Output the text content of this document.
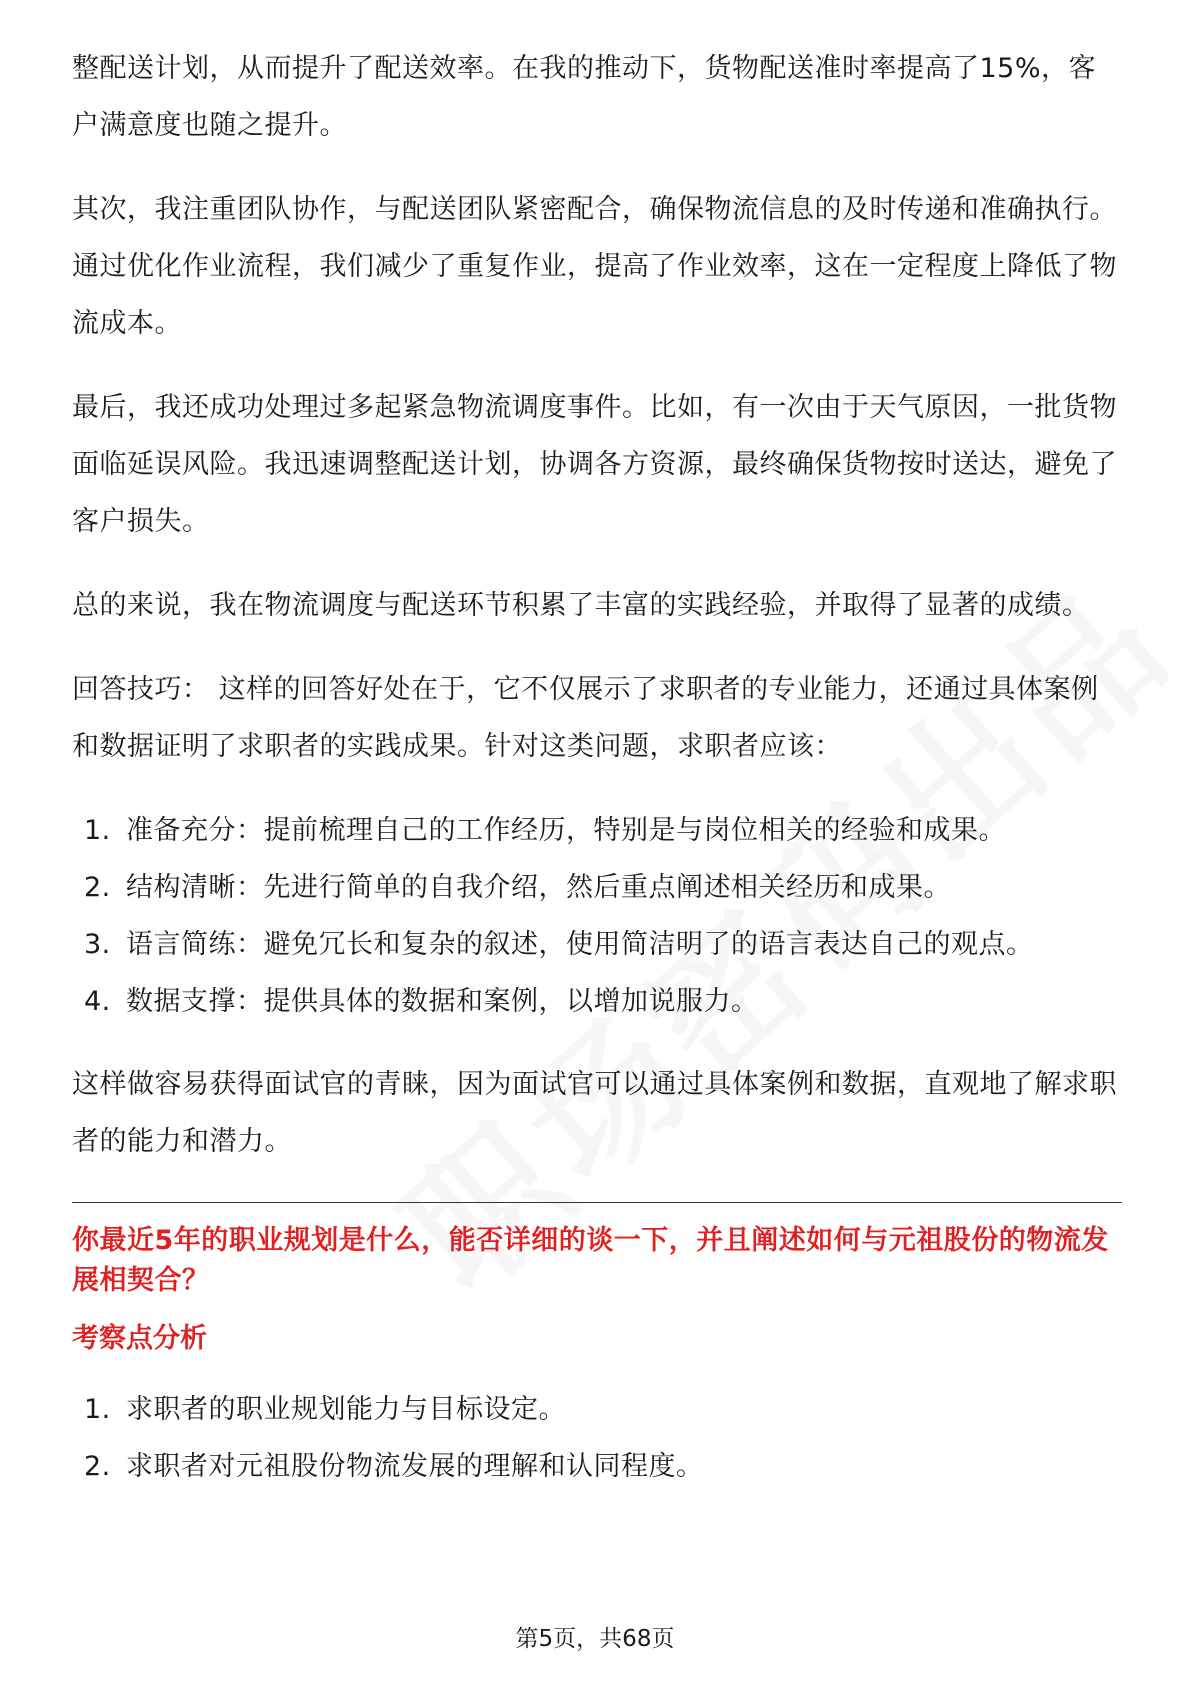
整配送计划，从而提升了配送效率。在我的推动下，货物配送准时率提高了15%，客户满意度也随之提升。

其次，我注重团队协作，与配送团队紧密配合，确保物流信息的及时传递和准确执行。通过优化作业流程，我们减少了重复作业，提高了作业效率，这在一定程度上降低了物流成本。

最后，我还成功处理过多起紧急物流调度事件。比如，有一次由于天气原因，一批货物面临延误风险。我迅速调整配送计划，协调各方资源，最终确保货物按时送达，避免了客户损失。

总的来说，我在物流调度与配送环节积累了丰富的实践经验，并取得了显著的成绩。

回答技巧： 这样的回答好处在于，它不仅展示了求职者的专业能力，还通过具体案例和数据证明了求职者的实践成果。针对这类问题，求职者应该：

1. 准备充分：提前梳理自己的工作经历，特别是与岗位相关的经验和成果。
2. 结构清晰：先进行简单的自我介绍，然后重点阐述相关经历和成果。
3. 语言简练：避免冗长和复杂的叙述，使用简洁明了的语言表达自己的观点。
4. 数据支撑：提供具体的数据和案例，以增加说服力。

这样做容易获得面试官的青睐，因为面试官可以通过具体案例和数据，直观地了解求职者的能力和潜力。

你最近5年的职业规划是什么，能否详细的谈一下，并且阐述如何与元祖股份的物流发展相契合？
考察点分析
1. 求职者的职业规划能力与目标设定。
2. 求职者对元祖股份物流发展的理解和认同程度。
第5页，共68页
